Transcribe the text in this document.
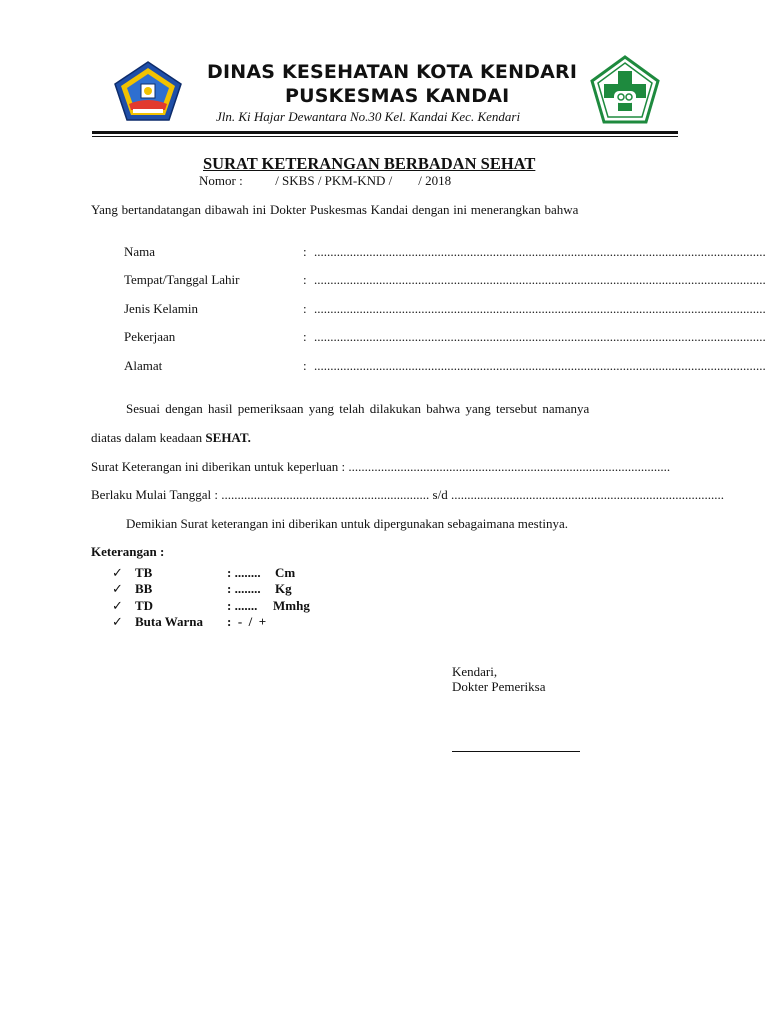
DINAS KESEHATAN KOTA KENDARI
PUSKESMAS KANDAI
Jln. Ki Hajar Dewantara No.30 Kel. Kandai Kec. Kendari
SURAT KETERANGAN BERBADAN SEHAT
Nomor :          / SKBS / PKM-KND /        / 2018
Yang bertandatangan dibawah ini Dokter Puskesmas Kandai dengan ini menerangkan bahwa
Nama	: ...........................................................................................................................................
Tempat/Tanggal Lahir	: ...........................................................................................................................................
Jenis Kelamin	: ...........................................................................................................................................
Pekerjaan	: ...........................................................................................................................................
Alamat	: ...........................................................................................................................................
Sesuai dengan hasil pemeriksaan yang telah dilakukan bahwa yang tersebut namanya
diatas dalam keadaan SEHAT.
Surat Keterangan ini diberikan untuk keperluan : ...................................................................................................
Berlaku Mulai Tanggal : ................................................................ s/d ....................................................................................
Demikian Surat keterangan ini diberikan untuk dipergunakan sebagaimana mestinya.
Keterangan :
✓ TB	: ........ Cm
✓ BB	: ........ Kg
✓ TD	: ....... Mmhg
✓ Buta Warna :  -  /  +
Kendari,
Dokter Pemeriksa
